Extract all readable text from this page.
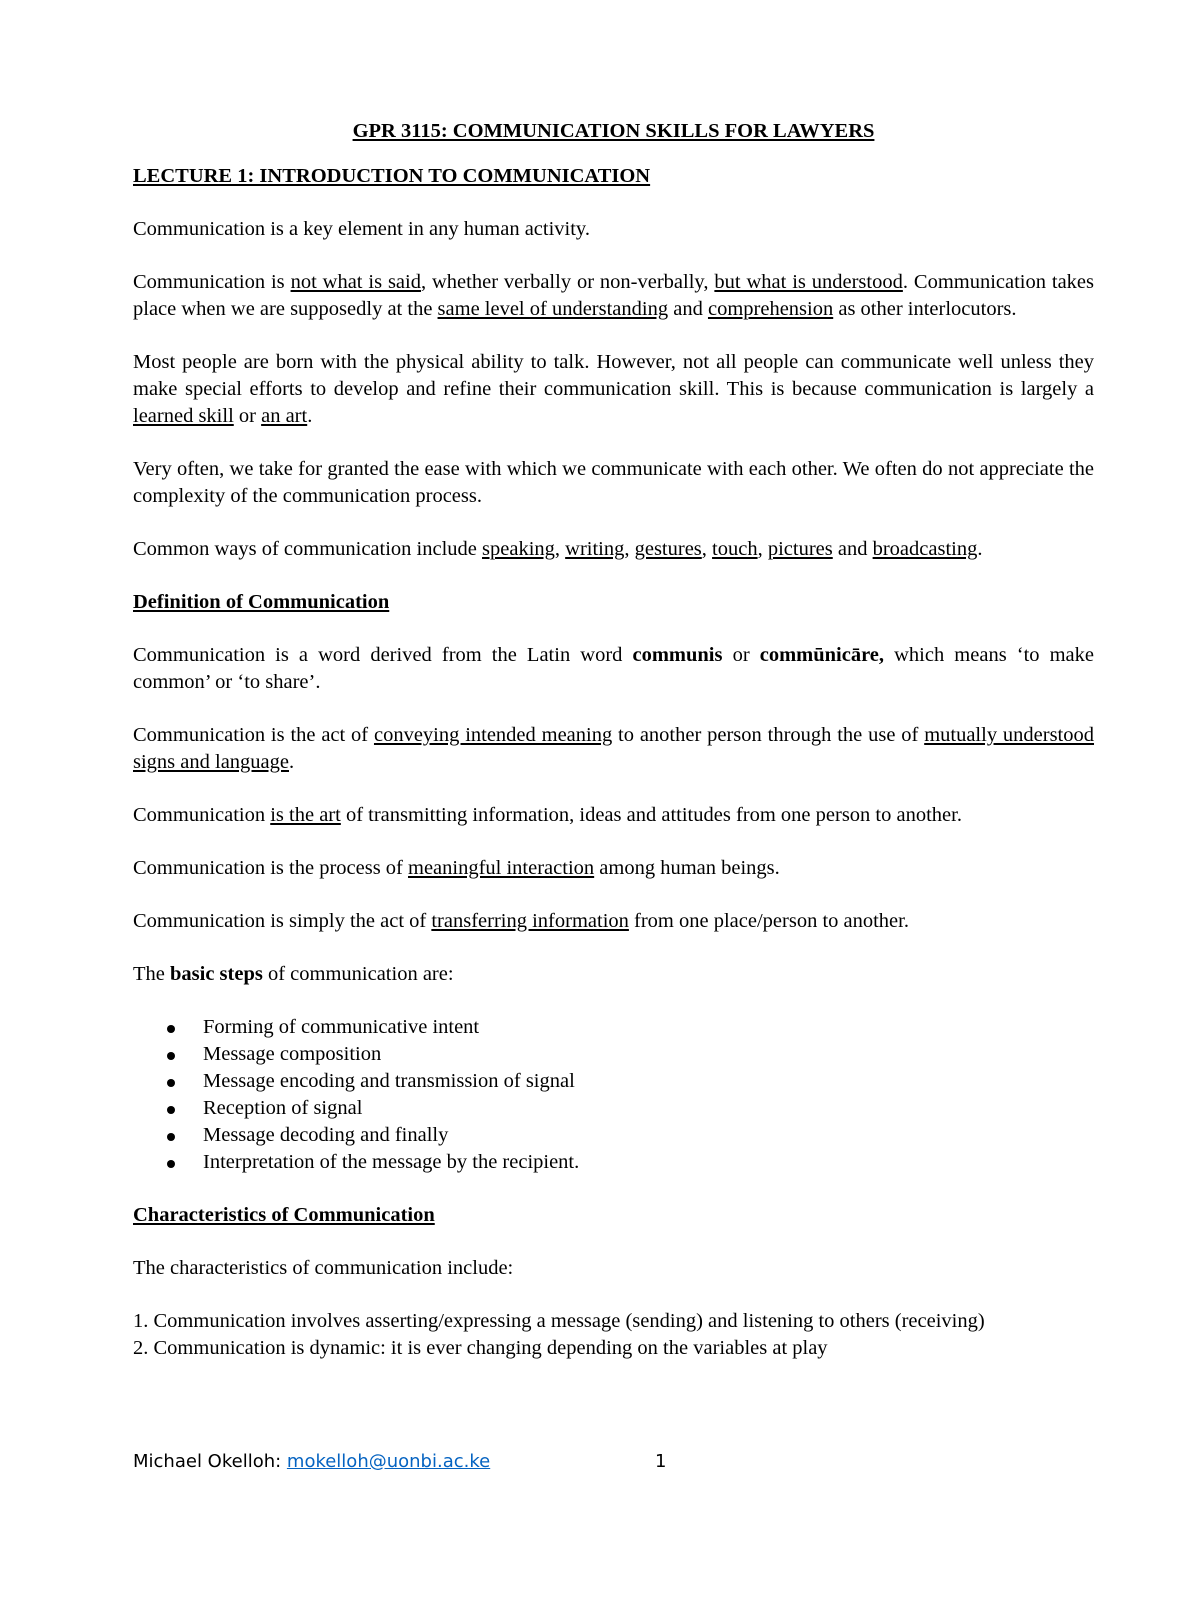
GPR 3115: COMMUNICATION SKILLS FOR LAWYERS

LECTURE 1: INTRODUCTION TO COMMUNICATION

Communication is a key element in any human activity.

Communication is not what is said, whether verbally or non-verbally, but what is understood. Communication takes place when we are supposedly at the same level of understanding and comprehension as other interlocutors.

Most people are born with the physical ability to talk. However, not all people can communicate well unless they make special efforts to develop and refine their communication skill. This is because communication is largely a learned skill or an art.

Very often, we take for granted the ease with which we communicate with each other. We often do not appreciate the complexity of the communication process.

Common ways of communication include speaking, writing, gestures, touch, pictures and broadcasting.

Definition of Communication

Communication is a word derived from the Latin word communis or commūnicāre, which means ‘to make common’ or ‘to share’.

Communication is the act of conveying intended meaning to another person through the use of mutually understood signs and language.

Communication is the art of transmitting information, ideas and attitudes from one person to another.

Communication is the process of meaningful interaction among human beings.

Communication is simply the act of transferring information from one place/person to another.

The basic steps of communication are:

Forming of communicative intent
Message composition
Message encoding and transmission of signal
Reception of signal
Message decoding and finally
Interpretation of the message by the recipient.

Characteristics of Communication

The characteristics of communication include:

1. Communication involves asserting/expressing a message (sending) and listening to others (receiving)

2. Communication is dynamic: it is ever changing depending on the variables at play

Michael Okelloh: mokelloh@uonbi.ac.ke	1
